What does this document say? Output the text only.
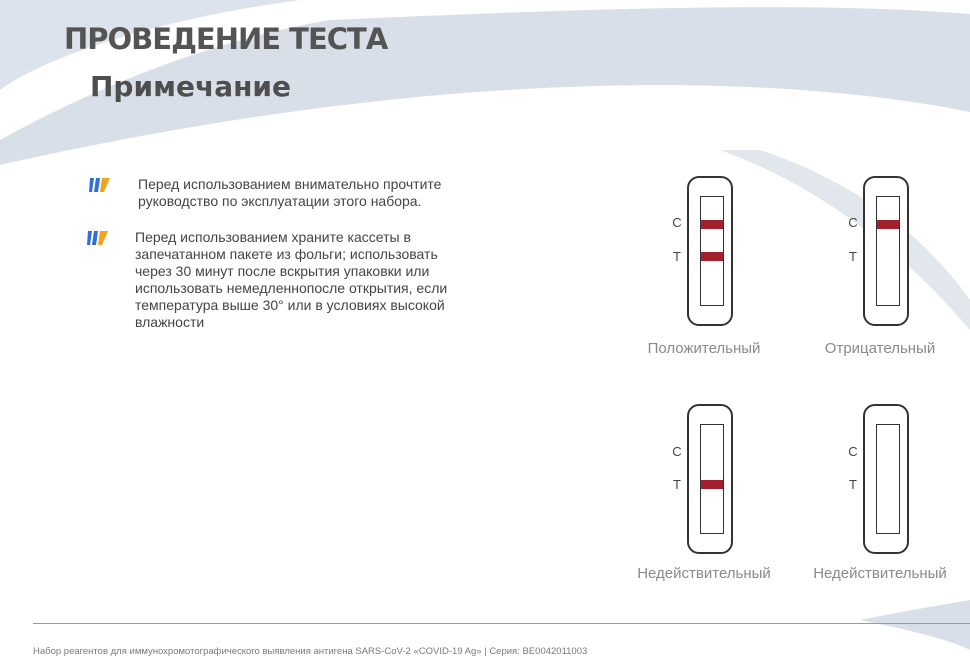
ПРОВЕДЕНИЕ ТЕСТА
Примечание
Перед использованием внимательно прочтите руководство по эксплуатации этого набора.
Перед использованием храните кассеты в запечатанном пакете из фольги; использовать через 30 минут после вскрытия упаковки или использовать немедленнопосле открытия, если температура выше 30° или в условиях высокой влажности
C
T
Положительный
C
T
Отрицательный
C
T
Недействительный
C
T
Недействительный
Набор реагентов для иммунохромотографического выявления антигена SARS-CoV-2 «COVID-19 Ag» | Серия: BE0042011003
